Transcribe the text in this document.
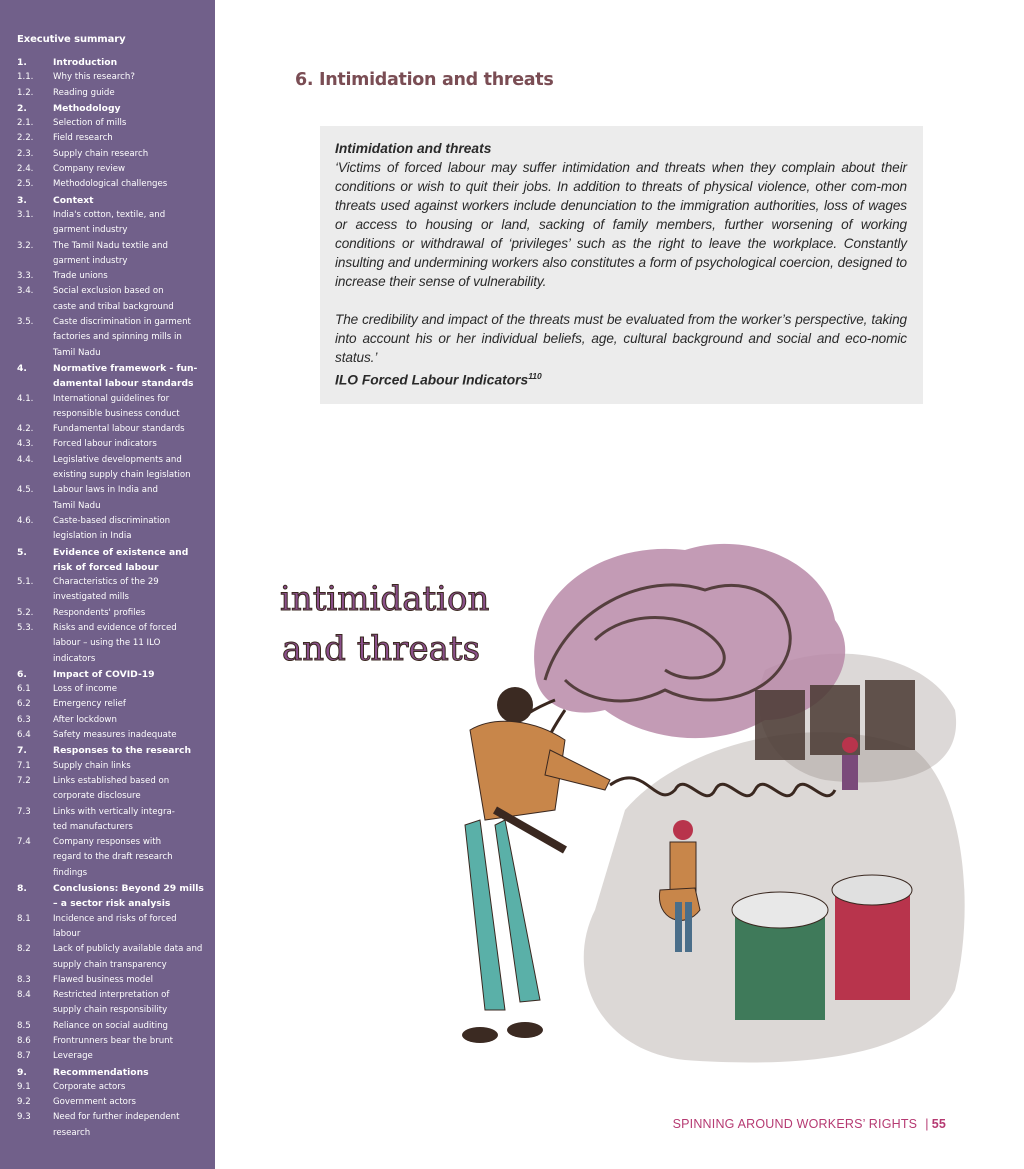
Executive summary
1.	Introduction
1.1.	Why this research?
1.2.	Reading guide
2.	Methodology
2.1.	Selection of mills
2.2.	Field research
2.3.	Supply chain research
2.4.	Company review
2.5.	Methodological challenges
3.	Context
3.1.	India's cotton, textile, and
garment industry
3.2.	The Tamil Nadu textile and
garment industry
3.3.	Trade unions
3.4.	Social exclusion based on
caste and tribal background
3.5.	Caste discrimination in garment
factories and spinning mills in
Tamil Nadu
4.	Normative framework - fun-
damental labour standards
4.1.	International guidelines for
responsible business conduct
4.2.	Fundamental labour standards
4.3.	Forced labour indicators
4.4.	Legislative developments and
existing supply chain legislation
4.5.	Labour laws in India and
Tamil Nadu
4.6.	Caste-based discrimination
legislation in India
5.	Evidence of existence and
risk of forced labour
5.1.	Characteristics of the 29
investigated mills
5.2.	Respondents' profiles
5.3.	Risks and evidence of forced
labour – using the 11 ILO
indicators
6.	Impact of COVID-19
6.1	Loss of income
6.2	Emergency relief
6.3	After lockdown
6.4	Safety measures inadequate
7.	Responses to the research
7.1	Supply chain links
7.2	Links established based on
corporate disclosure
7.3	Links with vertically integra-
ted manufacturers
7.4	Company responses with
regard to the draft research
findings
8.	Conclusions: Beyond 29 mills
– a sector risk analysis
8.1	Incidence and risks of forced
labour
8.2	Lack of publicly available data and
supply chain transparency
8.3	Flawed business model
8.4	Restricted interpretation of
supply chain responsibility
8.5	Reliance on social auditing
8.6	Frontrunners bear the brunt
8.7	Leverage
9.	Recommendations
9.1	Corporate actors
9.2	Government actors
9.3	Need for further independent
research
6. Intimidation and threats
Intimidation and threats
‘Victims of forced labour may suffer intimidation and threats when they complain about their conditions or wish to quit their jobs. In addition to threats of physical violence, other com-mon threats used against workers include denunciation to the immigration authorities, loss of wages or access to housing or land, sacking of family members, further worsening of working conditions or withdrawal of ‘privileges’ such as the right to leave the workplace. Constantly insulting and undermining workers also constitutes a form of psychological coercion, designed to increase their sense of vulnerability.
The credibility and impact of the threats must be evaluated from the worker’s perspective, taking into account his or her individual beliefs, age, cultural background and social and eco-nomic status.’
ILO Forced Labour Indicators$^{110}$
intimidation
and threats
SPINNING AROUND WORKERS’ RIGHTS | 55
